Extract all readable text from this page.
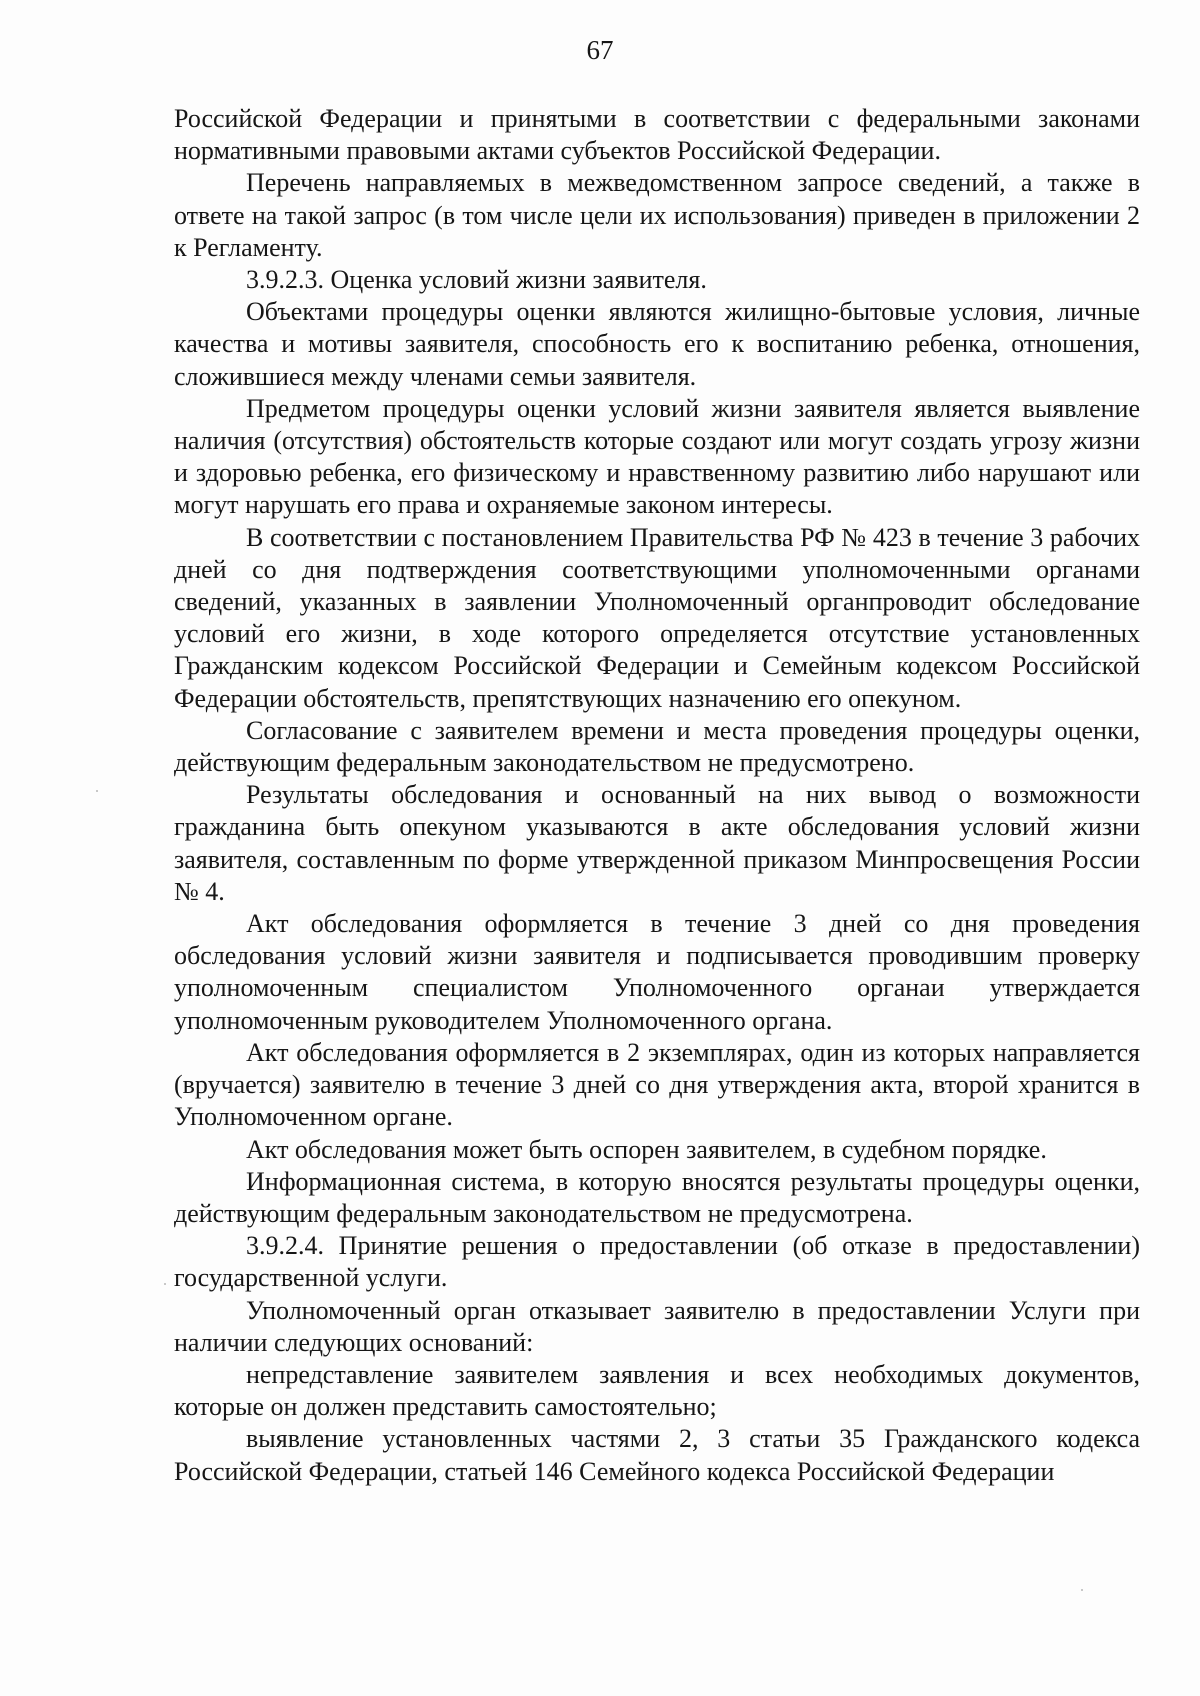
67

Российской Федерации и принятыми в соответствии с федеральными законами нормативными правовыми актами субъектов Российской Федерации.

Перечень направляемых в межведомственном запросе сведений, а также в ответе на такой запрос (в том числе цели их использования) приведен в приложении 2 к Регламенту.

3.9.2.3. Оценка условий жизни заявителя.

Объектами процедуры оценки являются жилищно-бытовые условия, личные качества и мотивы заявителя, способность его к воспитанию ребенка, отношения, сложившиеся между членами семьи заявителя.

Предметом процедуры оценки условий жизни заявителя является выявление наличия (отсутствия) обстоятельств которые создают или могут создать угрозу жизни и здоровью ребенка, его физическому и нравственному развитию либо нарушают или могут нарушать его права и охраняемые законом интересы.

В соответствии с постановлением Правительства РФ № 423 в течение 3 рабочих дней со дня подтверждения соответствующими уполномоченными органами сведений, указанных в заявлении Уполномоченный органпроводит обследование условий его жизни, в ходе которого определяется отсутствие установленных Гражданским кодексом Российской Федерации и Семейным кодексом Российской Федерации обстоятельств, препятствующих назначению его опекуном.

Согласование с заявителем времени и места проведения процедуры оценки, действующим федеральным законодательством не предусмотрено.

Результаты обследования и основанный на них вывод о возможности гражданина быть опекуном указываются в акте обследования условий жизни заявителя, составленным по форме утвержденной приказом Минпросвещения России № 4.

Акт обследования оформляется в течение 3 дней со дня проведения обследования условий жизни заявителя и подписывается проводившим проверку уполномоченным специалистом Уполномоченного органаи утверждается уполномоченным руководителем Уполномоченного органа.

Акт обследования оформляется в 2 экземплярах, один из которых направляется (вручается) заявителю в течение 3 дней со дня утверждения акта, второй хранится в Уполномоченном органе.

Акт обследования может быть оспорен заявителем, в судебном порядке.

Информационная система, в которую вносятся результаты процедуры оценки, действующим федеральным законодательством не предусмотрена.

3.9.2.4. Принятие решения о предоставлении (об отказе в предоставлении) государственной услуги.

Уполномоченный орган отказывает заявителю в предоставлении Услуги при наличии следующих оснований:

непредставление заявителем заявления и всех необходимых документов, которые он должен представить самостоятельно;

выявление установленных частями 2, 3 статьи 35 Гражданского кодекса Российской Федерации, статьей 146 Семейного кодекса Российской Федерации
